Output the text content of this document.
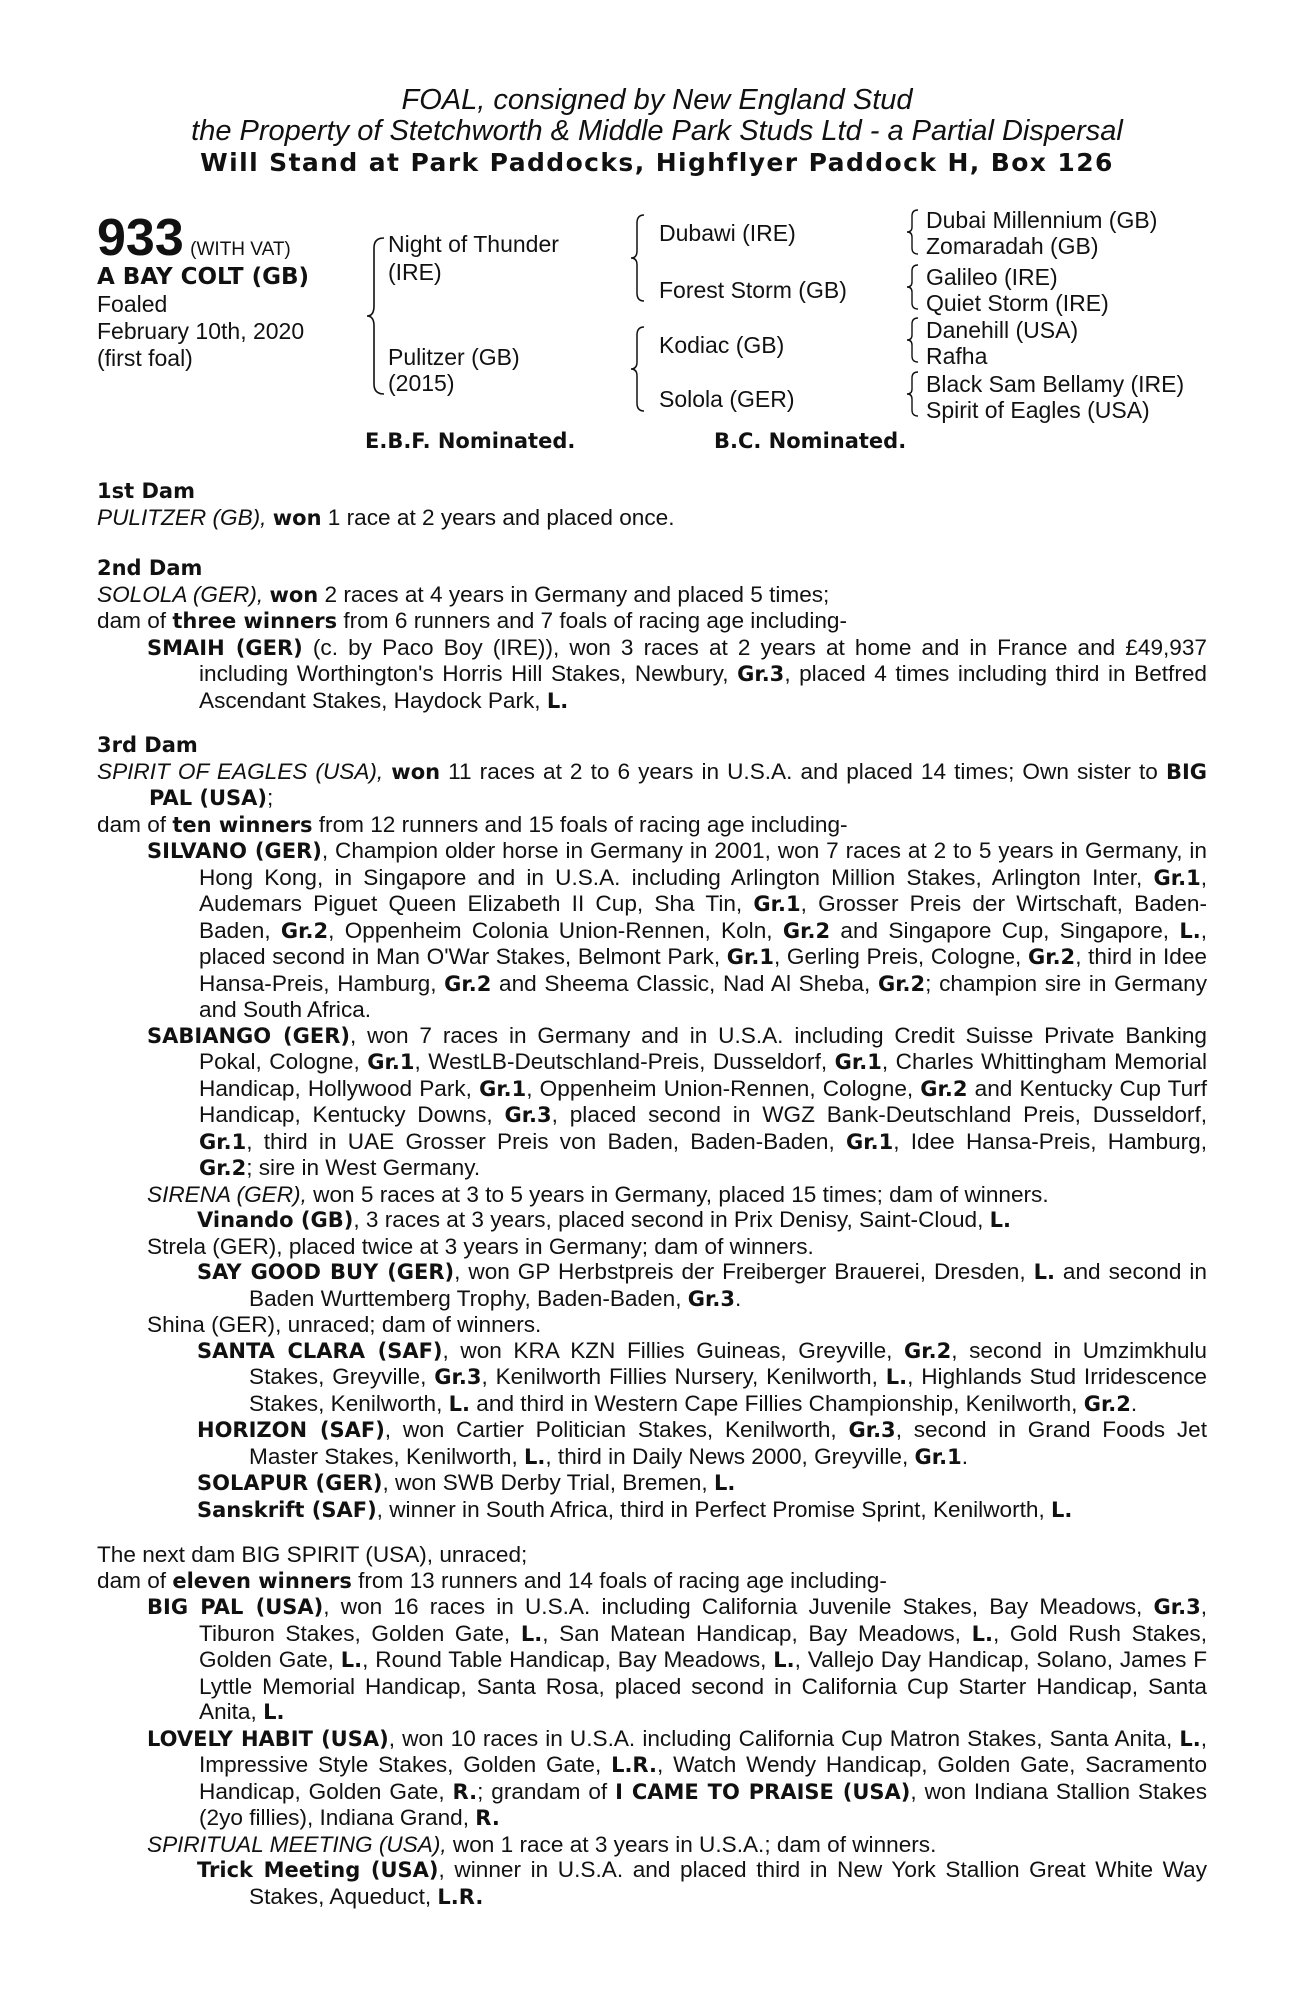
FOAL, consigned by New England Stud
the Property of Stetchworth & Middle Park Studs Ltd - a Partial Dispersal
Will Stand at Park Paddocks, Highflyer Paddock H, Box 126
933 (WITH VAT)
A BAY COLT (GB)
Foaled
February 10th, 2020
(first foal)
Night of Thunder
(IRE)
Pulitzer (GB)
(2015)
Dubawi (IRE)
Forest Storm (GB)
Kodiac (GB)
Solola (GER)
Dubai Millennium (GB)
Zomaradah (GB)
Galileo (IRE)
Quiet Storm (IRE)
Danehill (USA)
Rafha
Black Sam Bellamy (IRE)
Spirit of Eagles (USA)
E.B.F. Nominated.	B.C. Nominated.

1st Dam

PULITZER (GB), won 1 race at 2 years and placed once.

2nd Dam

SOLOLA (GER), won 2 races at 4 years in Germany and placed 5 times;

dam of three winners from 6 runners and 7 foals of racing age including-

SMAIH (GER) (c. by Paco Boy (IRE)), won 3 races at 2 years at home and in France and £49,937 including Worthington's Horris Hill Stakes, Newbury, Gr.3, placed 4 times including third in Betfred Ascendant Stakes, Haydock Park, L.

3rd Dam

SPIRIT OF EAGLES (USA), won 11 races at 2 to 6 years in U.S.A. and placed 14 times; Own sister to BIG PAL (USA);

dam of ten winners from 12 runners and 15 foals of racing age including-

SILVANO (GER), Champion older horse in Germany in 2001, won 7 races at 2 to 5 years in Germany, in Hong Kong, in Singapore and in U.S.A. including Arlington Million Stakes, Arlington Inter, Gr.1, Audemars Piguet Queen Elizabeth II Cup, Sha Tin, Gr.1, Grosser Preis der Wirtschaft, Baden-Baden, Gr.2, Oppenheim Colonia Union-Rennen, Koln, Gr.2 and Singapore Cup, Singapore, L., placed second in Man O'War Stakes, Belmont Park, Gr.1, Gerling Preis, Cologne, Gr.2, third in Idee Hansa-Preis, Hamburg, Gr.2 and Sheema Classic, Nad Al Sheba, Gr.2; champion sire in Germany and South Africa.

SABIANGO (GER), won 7 races in Germany and in U.S.A. including Credit Suisse Private Banking Pokal, Cologne, Gr.1, WestLB-Deutschland-Preis, Dusseldorf, Gr.1, Charles Whittingham Memorial Handicap, Hollywood Park, Gr.1, Oppenheim Union-Rennen, Cologne, Gr.2 and Kentucky Cup Turf Handicap, Kentucky Downs, Gr.3, placed second in WGZ Bank-Deutschland Preis, Dusseldorf, Gr.1, third in UAE Grosser Preis von Baden, Baden-Baden, Gr.1, Idee Hansa-Preis, Hamburg, Gr.2; sire in West Germany.

SIRENA (GER), won 5 races at 3 to 5 years in Germany, placed 15 times; dam of winners.

Vinando (GB), 3 races at 3 years, placed second in Prix Denisy, Saint-Cloud, L.

Strela (GER), placed twice at 3 years in Germany; dam of winners.

SAY GOOD BUY (GER), won GP Herbstpreis der Freiberger Brauerei, Dresden, L. and second in Baden Wurttemberg Trophy, Baden-Baden, Gr.3.

Shina (GER), unraced; dam of winners.

SANTA CLARA (SAF), won KRA KZN Fillies Guineas, Greyville, Gr.2, second in Umzimkhulu Stakes, Greyville, Gr.3, Kenilworth Fillies Nursery, Kenilworth, L., Highlands Stud Irridescence Stakes, Kenilworth, L. and third in Western Cape Fillies Championship, Kenilworth, Gr.2.

HORIZON (SAF), won Cartier Politician Stakes, Kenilworth, Gr.3, second in Grand Foods Jet Master Stakes, Kenilworth, L., third in Daily News 2000, Greyville, Gr.1.

SOLAPUR (GER), won SWB Derby Trial, Bremen, L.

Sanskrift (SAF), winner in South Africa, third in Perfect Promise Sprint, Kenilworth, L.

The next dam BIG SPIRIT (USA), unraced;

dam of eleven winners from 13 runners and 14 foals of racing age including-

BIG PAL (USA), won 16 races in U.S.A. including California Juvenile Stakes, Bay Meadows, Gr.3, Tiburon Stakes, Golden Gate, L., San Matean Handicap, Bay Meadows, L., Gold Rush Stakes, Golden Gate, L., Round Table Handicap, Bay Meadows, L., Vallejo Day Handicap, Solano, James F Lyttle Memorial Handicap, Santa Rosa, placed second in California Cup Starter Handicap, Santa Anita, L.

LOVELY HABIT (USA), won 10 races in U.S.A. including California Cup Matron Stakes, Santa Anita, L., Impressive Style Stakes, Golden Gate, L.R., Watch Wendy Handicap, Golden Gate, Sacramento Handicap, Golden Gate, R.; grandam of I CAME TO PRAISE (USA), won Indiana Stallion Stakes (2yo fillies), Indiana Grand, R.

SPIRITUAL MEETING (USA), won 1 race at 3 years in U.S.A.; dam of winners.

Trick Meeting (USA), winner in U.S.A. and placed third in New York Stallion Great White Way Stakes, Aqueduct, L.R.
